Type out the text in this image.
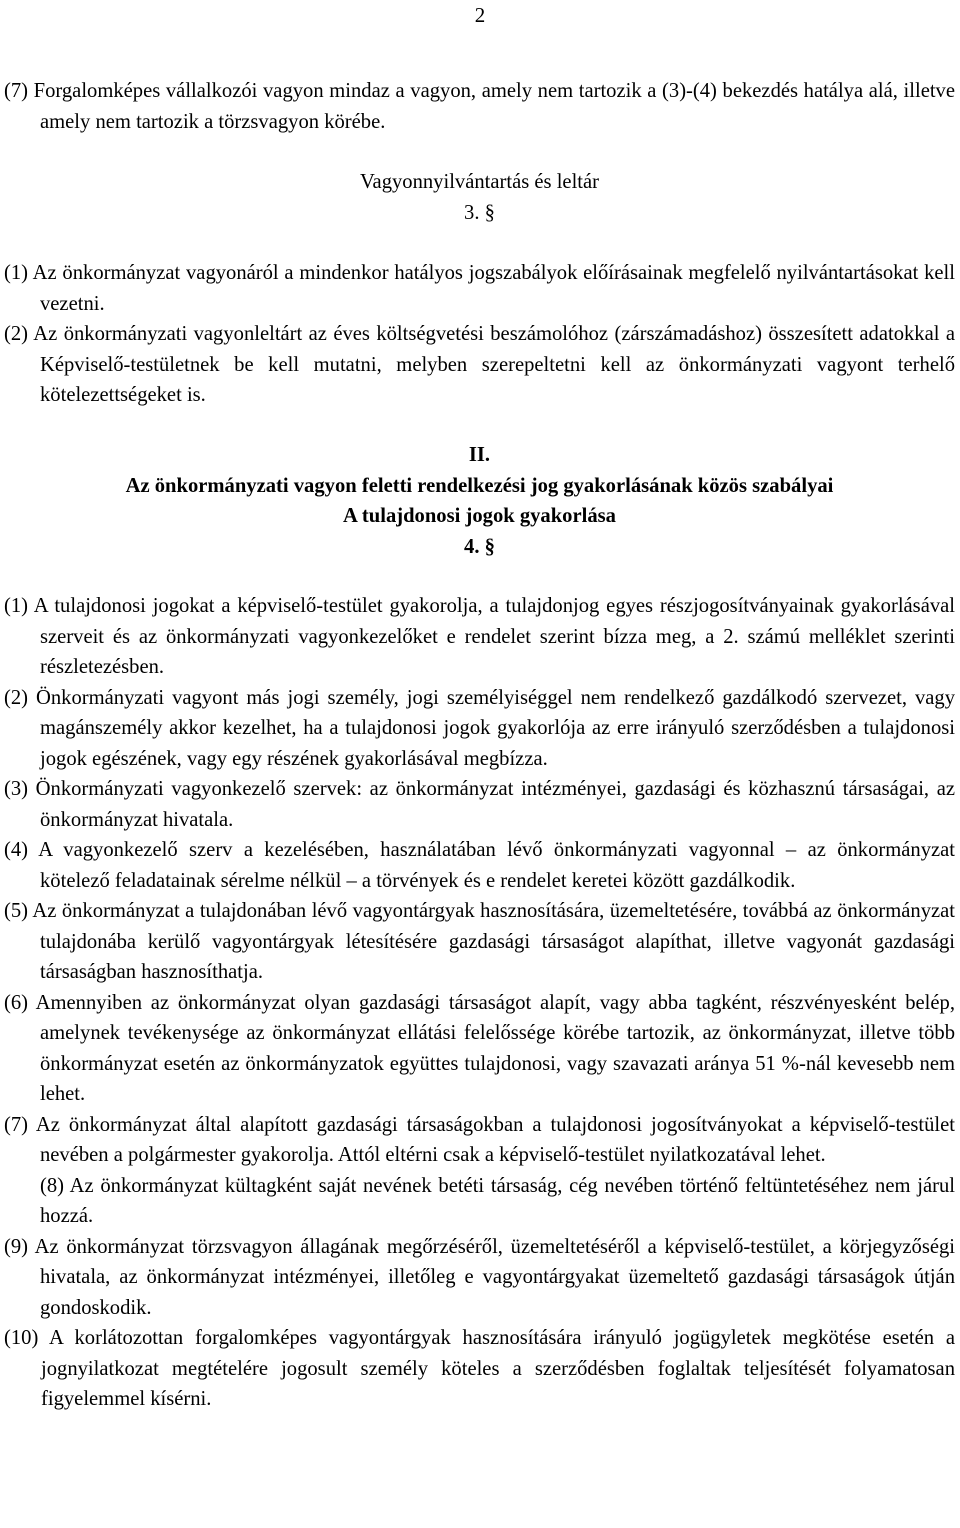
2

(7) Forgalomképes vállalkozói vagyon mindaz a vagyon, amely nem tartozik a (3)-(4) bekezdés hatálya alá, illetve amely nem tartozik a törzsvagyon körébe.

Vagyonnyilvántartás és leltár

3. §

(1) Az önkormányzat vagyonáról a mindenkor hatályos jogszabályok előírásainak megfelelő nyilvántartásokat kell vezetni.

(2) Az önkormányzati vagyonleltárt az éves költségvetési beszámolóhoz (zárszámadáshoz) összesített adatokkal a Képviselő-testületnek be kell mutatni, melyben szerepeltetni kell az önkormányzati vagyont terhelő kötelezettségeket is.

II.

Az önkormányzati vagyon feletti rendelkezési jog gyakorlásának közös szabályai

A tulajdonosi jogok gyakorlása

4. §

(1) A tulajdonosi jogokat a képviselő-testület gyakorolja, a tulajdonjog egyes részjogosítványainak gyakorlásával szerveit és az önkormányzati vagyonkezelőket e rendelet szerint bízza meg, a 2. számú melléklet szerinti részletezésben.

(2) Önkormányzati vagyont más jogi személy, jogi személyiséggel nem rendelkező gazdálkodó szervezet, vagy magánszemély akkor kezelhet, ha a tulajdonosi jogok gyakorlója az erre irányuló szerződésben a tulajdonosi jogok egészének, vagy egy részének gyakorlásával megbízza.

(3) Önkormányzati vagyonkezelő szervek: az önkormányzat intézményei, gazdasági és közhasznú társaságai, az önkormányzat hivatala.

(4) A vagyonkezelő szerv a kezelésében, használatában lévő önkormányzati vagyonnal – az önkormányzat kötelező feladatainak sérelme nélkül – a törvények és e rendelet keretei között gazdálkodik.

(5) Az önkormányzat a tulajdonában lévő vagyontárgyak hasznosítására, üzemeltetésére, továbbá az önkormányzat tulajdonába kerülő vagyontárgyak létesítésére gazdasági társaságot alapíthat, illetve vagyonát gazdasági társaságban hasznosíthatja.

(6) Amennyiben az önkormányzat olyan gazdasági társaságot alapít, vagy abba tagként, részvényesként belép, amelynek tevékenysége az önkormányzat ellátási felelőssége körébe tartozik, az önkormányzat, illetve több önkormányzat esetén az önkormányzatok együttes tulajdonosi, vagy szavazati aránya 51 %-nál kevesebb nem lehet.

(7) Az önkormányzat által alapított gazdasági társaságokban a tulajdonosi jogosítványokat a képviselő-testület nevében a polgármester gyakorolja. Attól eltérni csak a képviselő-testület nyilatkozatával lehet.

(8) Az önkormányzat kültagként saját nevének betéti társaság, cég nevében történő feltüntetéséhez nem járul hozzá.

(9) Az önkormányzat törzsvagyon állagának megőrzéséről, üzemeltetéséről a képviselő-testület, a körjegyzőségi hivatala, az önkormányzat intézményei, illetőleg e vagyontárgyakat üzemeltető gazdasági társaságok útján gondoskodik.

(10) A korlátozottan forgalomképes vagyontárgyak hasznosítására irányuló jogügyletek megkötése esetén a jognyilatkozat megtételére jogosult személy köteles a szerződésben foglaltak teljesítését folyamatosan figyelemmel kísérni.
